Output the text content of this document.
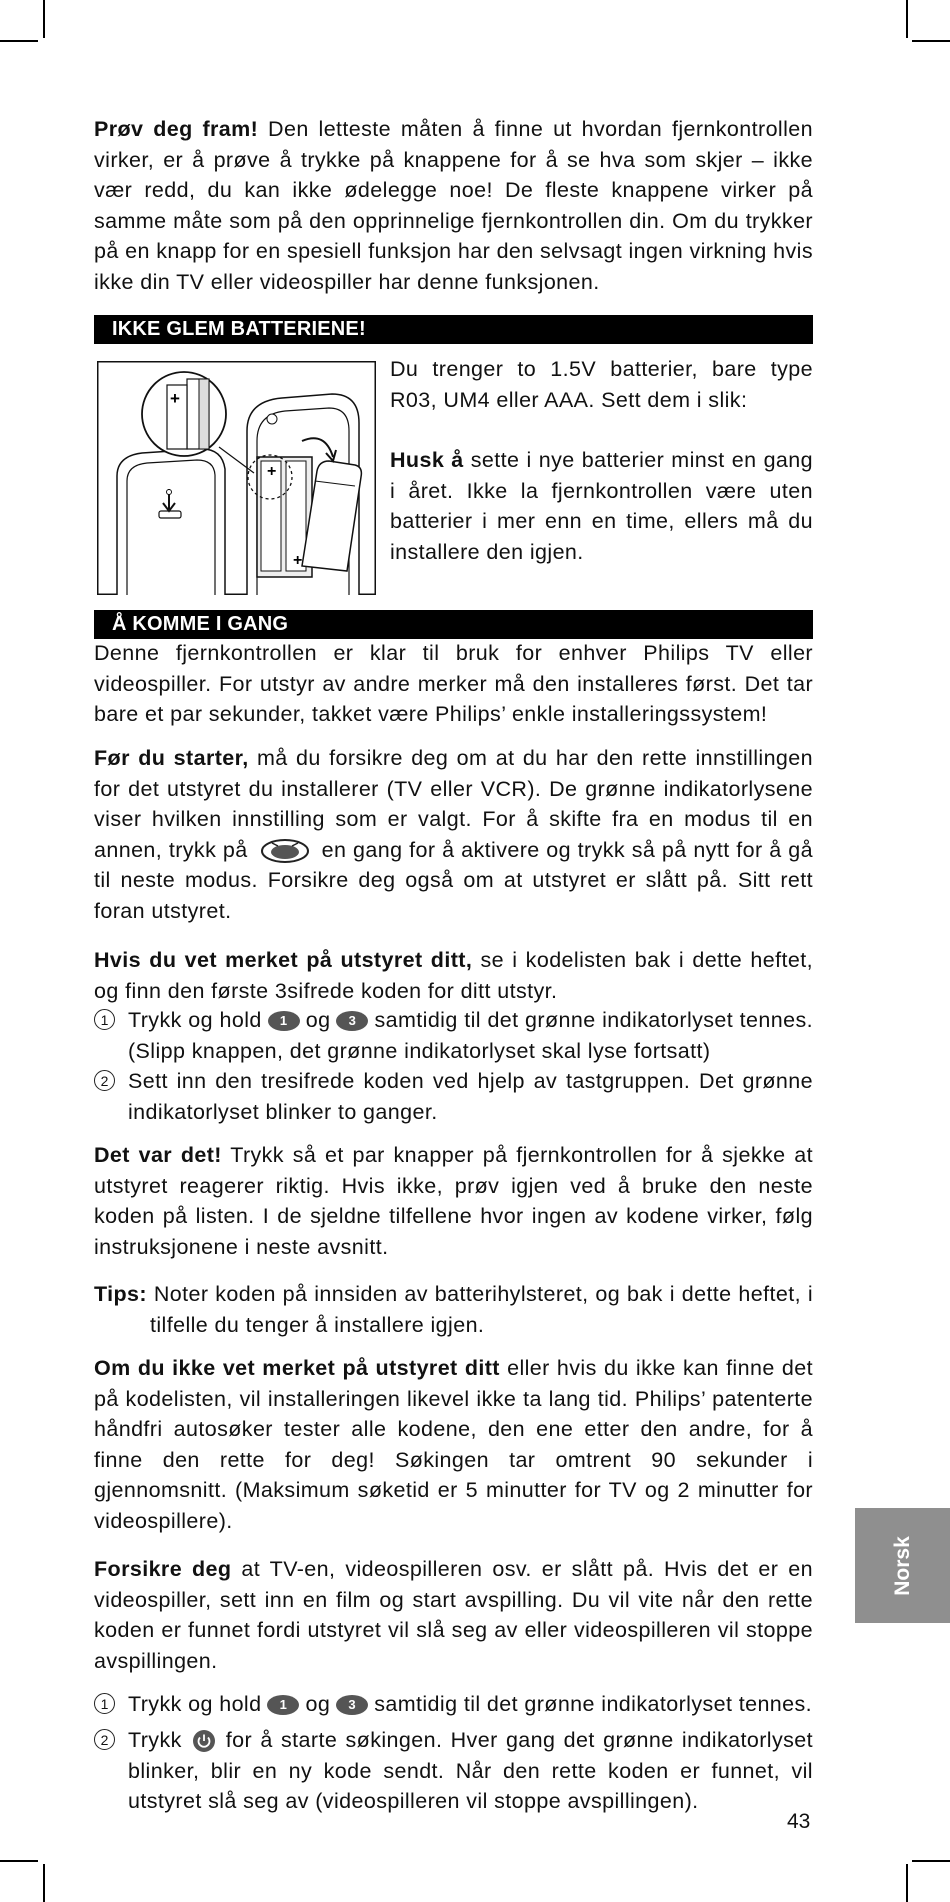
Prøv deg fram! Den letteste måten å finne ut hvordan fjernkontrollen virker, er å prøve å trykke på knappene for å se hva som skjer – ikke vær redd, du kan ikke ødelegge noe! De fleste knappene virker på samme måte som på den opprinnelige fjernkontrollen din. Om du trykker på en knapp for en spesiell funksjon har den selvsagt ingen virkning hvis ikke din TV eller videospiller har denne funksjonen.

IKKE GLEM BATTERIENE!
+
+
+

Du trenger to 1.5V batterier, bare type R03, UM4 eller AAA. Sett dem i slik:

Husk å sette i nye batterier minst en gang i året. Ikke la fjernkontrollen være uten batterier i mer enn en time, ellers må du installere den igjen.

Å KOMME I GANG

Denne fjernkontrollen er klar til bruk for enhver Philips TV eller videospiller. For utstyr av andre merker må den installeres først. Det tar bare et par sekunder, takket være Philips’ enkle installeringssystem!

Før du starter, må du forsikre deg om at du har den rette innstillingen for det utstyret du installerer (TV eller VCR). De grønne indikatorlysene viser hvilken innstilling som er valgt. For å skifte fra en modus til en annen, trykk på	en gang for å aktivere og trykk så på nytt for å gå til neste modus. Forsikre deg også om at utstyret er slått på. Sitt rett foran utstyret.

Hvis du vet merket på utstyret ditt, se i kodelisten bak i dette heftet, og finn den første 3sifrede koden for ditt utstyr.

1 Trykk og hold 1 og 3 samtidig til det grønne indikatorlyset tennes. (Slipp knappen, det grønne indikatorlyset skal lyse fortsatt)

2 Sett inn den tresifrede koden ved hjelp av tastgruppen. Det grønne indikatorlyset blinker to ganger.

Det var det! Trykk så et par knapper på fjernkontrollen for å sjekke at utstyret reagerer riktig. Hvis ikke, prøv igjen ved å bruke den neste koden på listen. I de sjeldne tilfellene hvor ingen av kodene virker, følg instruksjonene i neste avsnitt.

Tips: Noter koden på innsiden av batterihylsteret, og bak i dette heftet, i tilfelle du tenger å installere igjen.

Om du ikke vet merket på utstyret ditt eller hvis du ikke kan finne det på kodelisten, vil installeringen likevel ikke ta lang tid. Philips’ patenterte håndfri autosøker tester alle kodene, den ene etter den andre, for å finne den rette for deg! Søkingen tar omtrent 90 sekunder i gjennomsnitt. (Maksimum søketid er 5 minutter for TV og 2 minutter for videospillere).

Forsikre deg at TV-en, videospilleren osv. er slått på. Hvis det er en videospiller, sett inn en film og start avspilling. Du vil vite når den rette koden er funnet fordi utstyret vil slå seg av eller videospilleren vil stoppe avspillingen.

1 Trykk og hold 1 og 3 samtidig til det grønne indikatorlyset tennes.

2 Trykk for å starte søkingen. Hver gang det grønne indikatorlyset blinker, blir en ny kode sendt. Når den rette koden er funnet, vil utstyret slå seg av (videospilleren vil stoppe avspillingen).

Norsk
43
